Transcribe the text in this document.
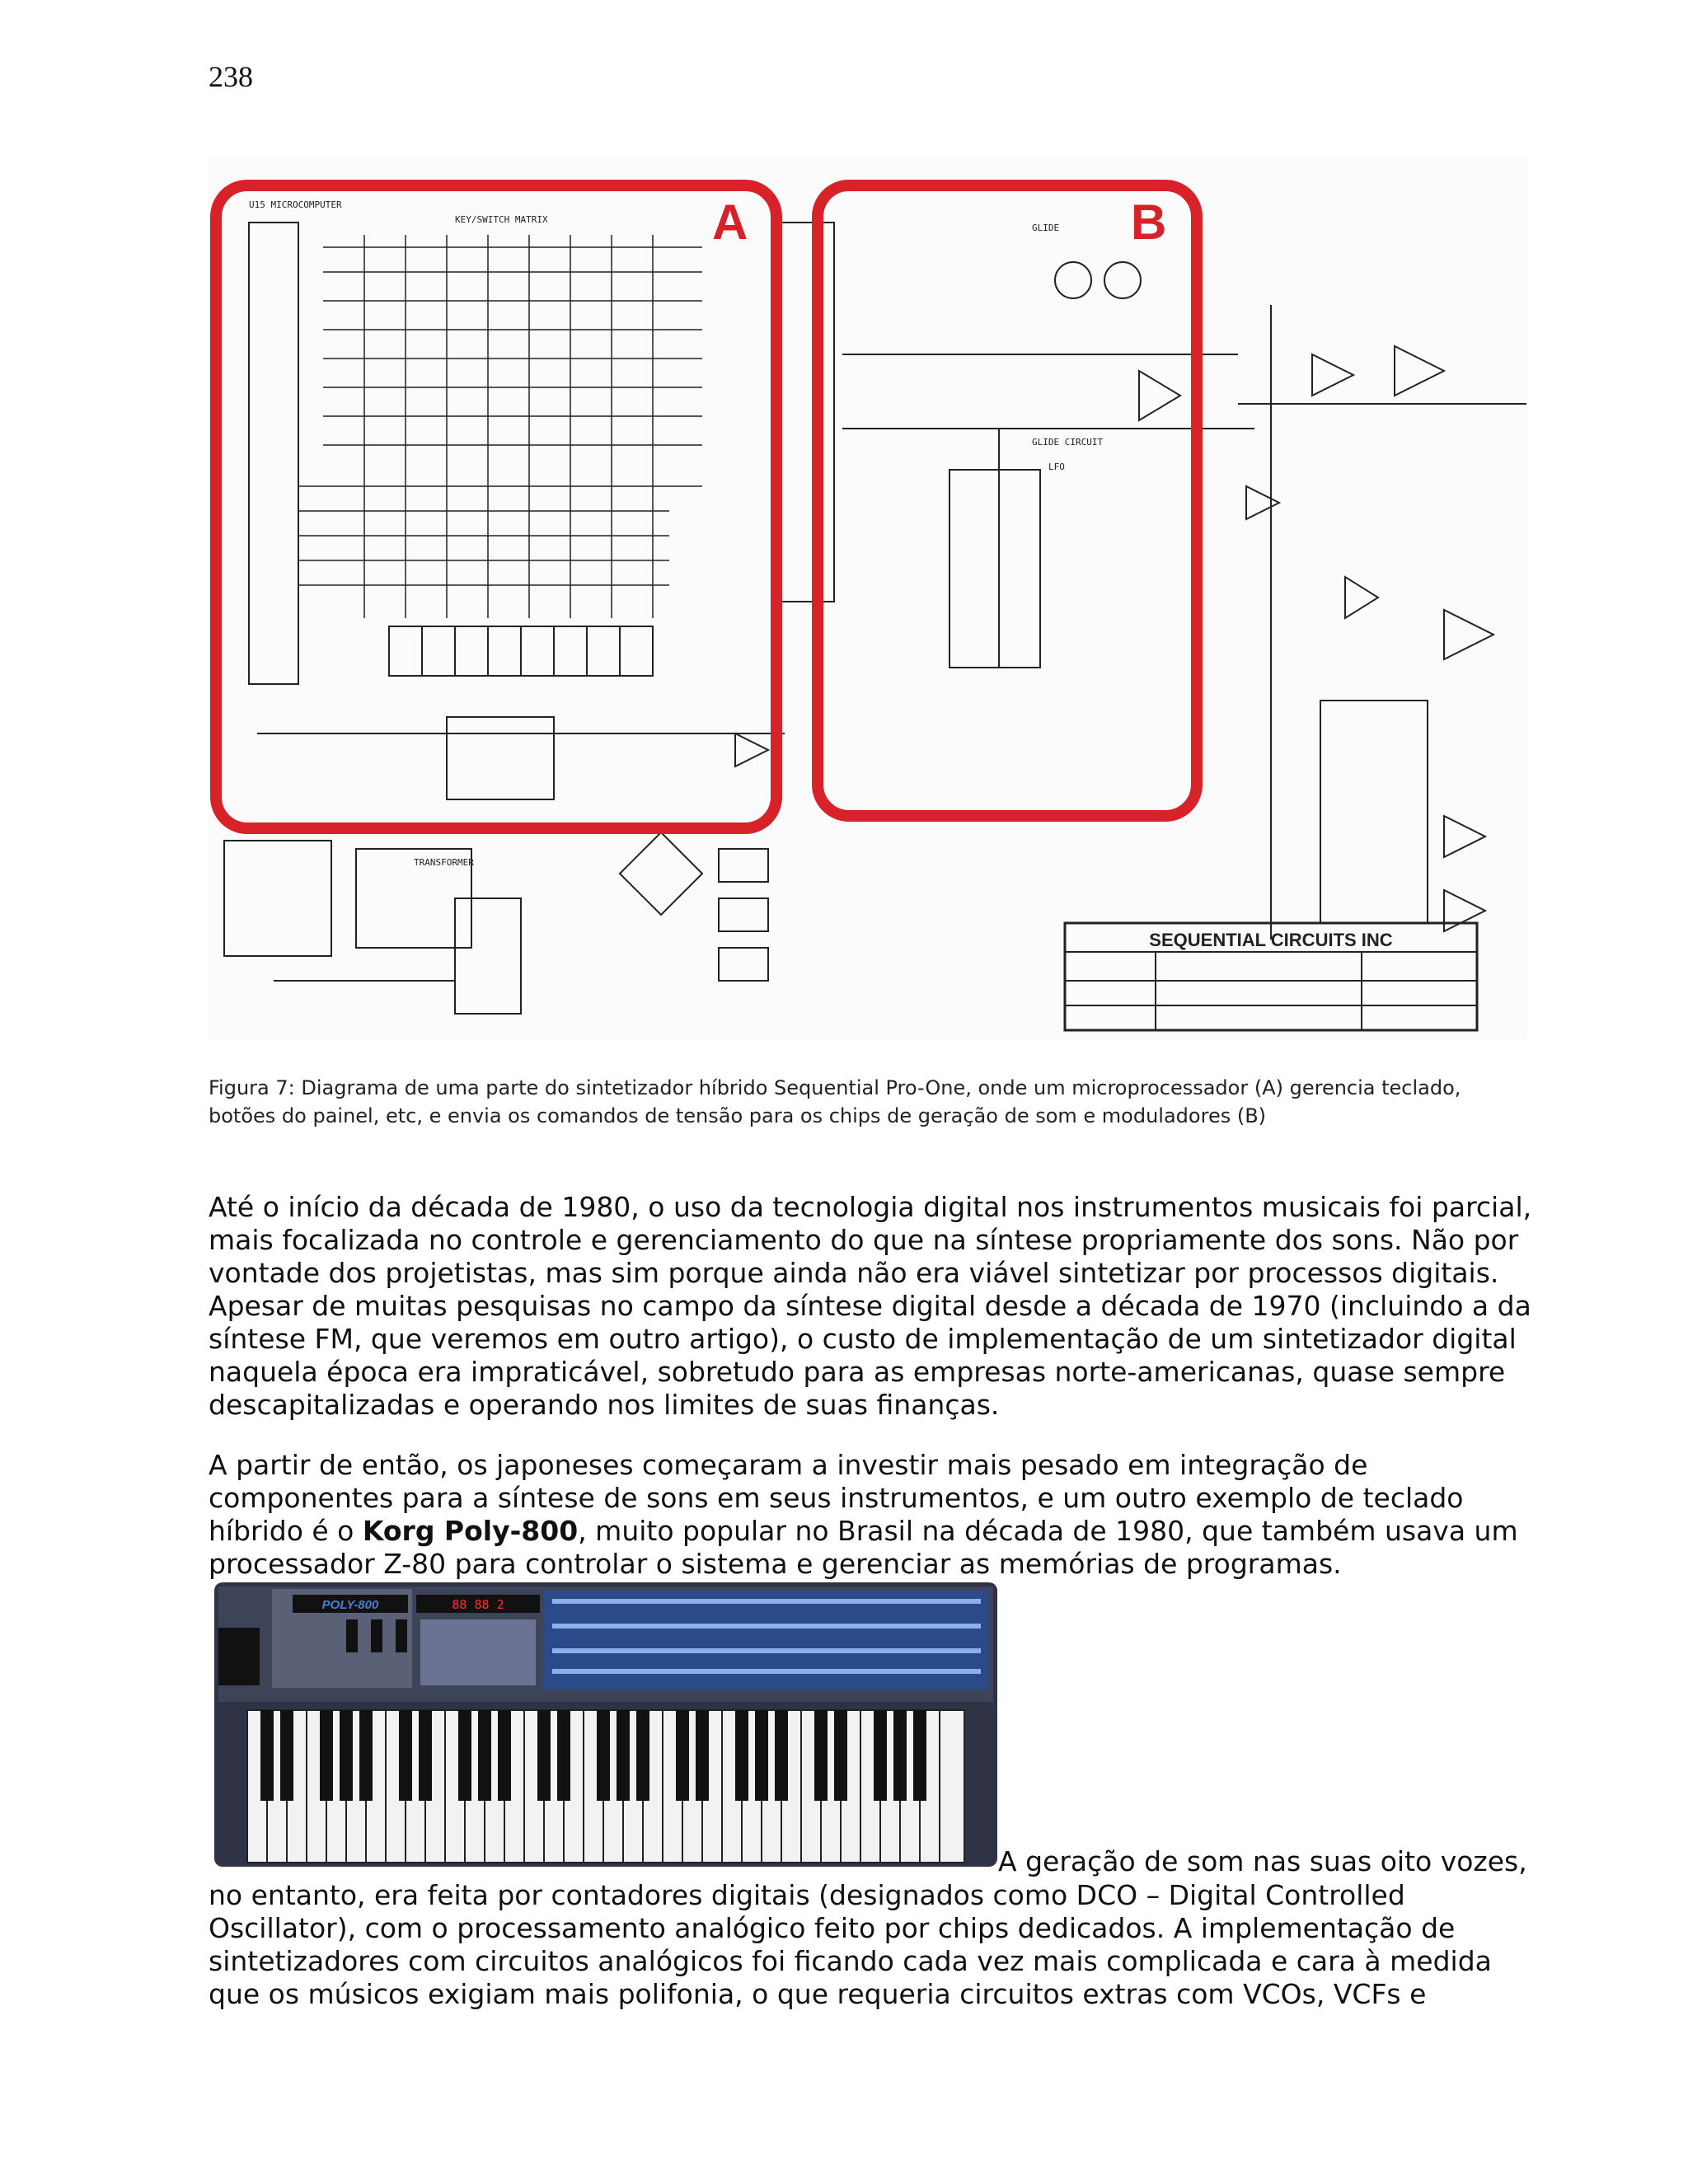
238
U15 MICROCOMPUTER
KEY/SWITCH MATRIX
GLIDE
GLIDE CIRCUIT
LFO
TRANSFORMER
SEQUENTIAL CIRCUITS INC
A	B
Figura 7: Diagrama de uma parte do sintetizador híbrido Sequential Pro-One, onde um microprocessador (A) gerencia teclado, botões do painel, etc, e envia os comandos de tensão para os chips de geração de som e moduladores (B)

Até o início da década de 1980, o uso da tecnologia digital nos instrumentos musicais foi parcial, mais focalizada no controle e gerenciamento do que na síntese propriamente dos sons. Não por vontade dos projetistas, mas sim porque ainda não era viável sintetizar por processos digitais. Apesar de muitas pesquisas no campo da síntese digital desde a década de 1970 (incluindo a da síntese FM, que veremos em outro artigo), o custo de implementação de um sintetizador digital naquela época era impraticável, sobretudo para as empresas norte-americanas, quase sempre descapitalizadas e operando nos limites de suas finanças.

A partir de então, os japoneses começaram a investir mais pesado em integração de componentes para a síntese de sons em seus instrumentos, e um outro exemplo de teclado híbrido é o Korg Poly-800, muito popular no Brasil na década de 1980, que também usava um processador Z-80 para controlar o sistema e gerenciar as memórias de programas.

POLY-800	88 88 2
A geração de som nas suas oito vozes,

no entanto, era feita por contadores digitais (designados como DCO – Digital Controlled Oscillator), com o processamento analógico feito por chips dedicados. A implementação de sintetizadores com circuitos analógicos foi ficando cada vez mais complicada e cara à medida que os músicos exigiam mais polifonia, o que requeria circuitos extras com VCOs, VCFs e
